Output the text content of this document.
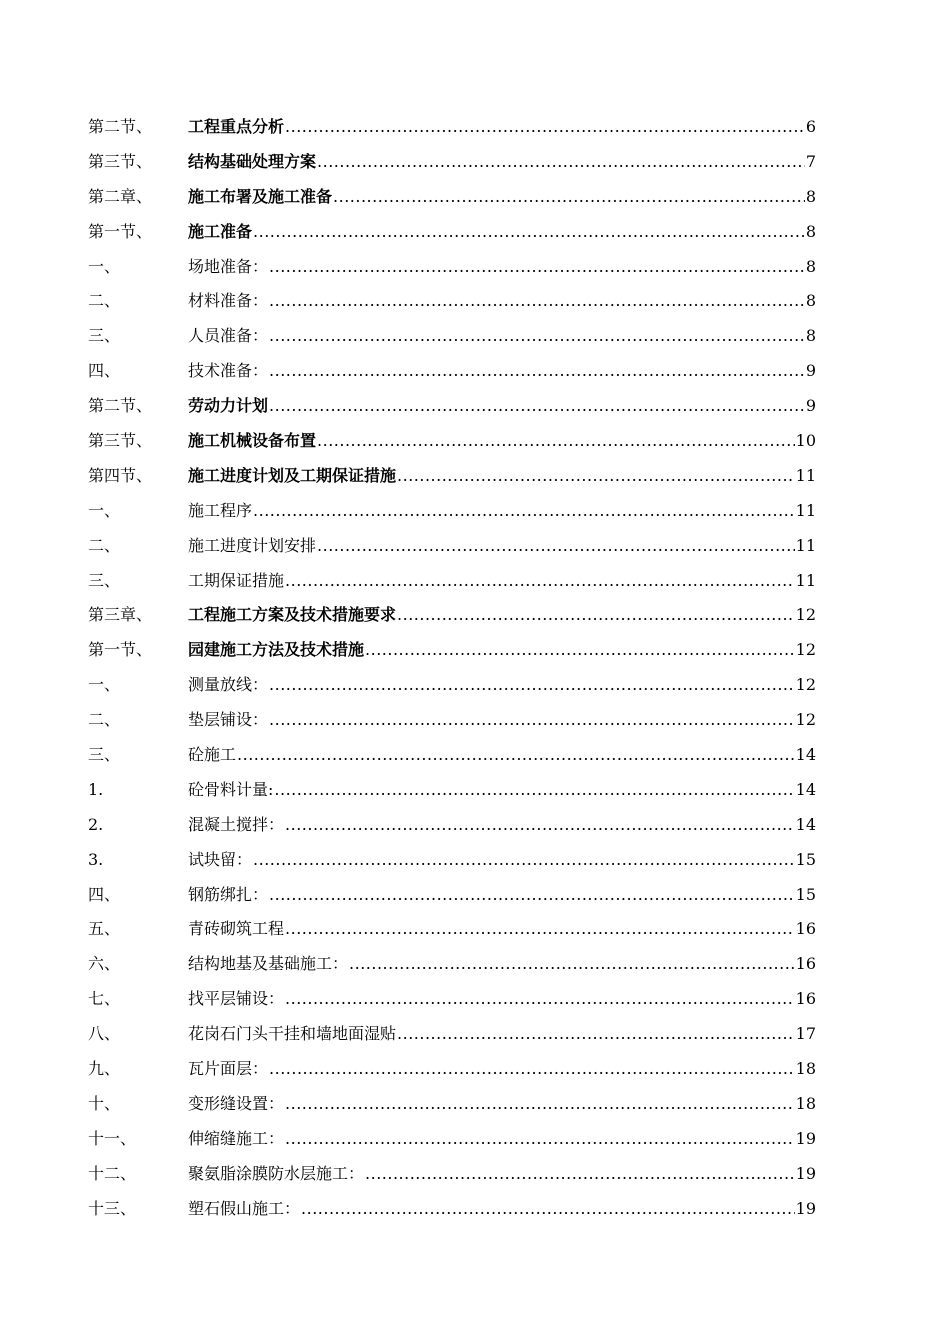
第二节、	工程重点分析 .....	6
第三节、	结构基础处理方案 .....	7
第二章、	施工布署及施工准备 .....	8
第一节、	施工准备 .....	8
一、	场地准备： .....	8
二、	材料准备： .....	8
三、	人员准备： .....	8
四、	技术准备： .....	9
第二节、	劳动力计划 .....	9
第三节、	施工机械设备布置 .....	10
第四节、	施工进度计划及工期保证措施 .....	11
一、	施工程序 .....	11
二、	施工进度计划安排 .....	11
三、	工期保证措施 .....	11
第三章、	工程施工方案及技术措施要求 .....	12
第一节、	园建施工方法及技术措施 .....	12
一、	测量放线： .....	12
二、	垫层铺设： .....	12
三、	砼施工 .....	14
1.	砼骨料计量: .....	14
2.	混凝土搅拌： .....	14
3.	试块留： .....	15
四、	钢筋绑扎： .....	15
五、	青砖砌筑工程 .....	16
六、	结构地基及基础施工： .....	16
七、	找平层铺设： .....	16
八、	花岗石门头干挂和墙地面湿贴 .....	17
九、	瓦片面层： .....	18
十、	变形缝设置： .....	18
十一、	伸缩缝施工： .....	19
十二、	聚氨脂涂膜防水层施工： .....	19
十三、	塑石假山施工： .....	19
